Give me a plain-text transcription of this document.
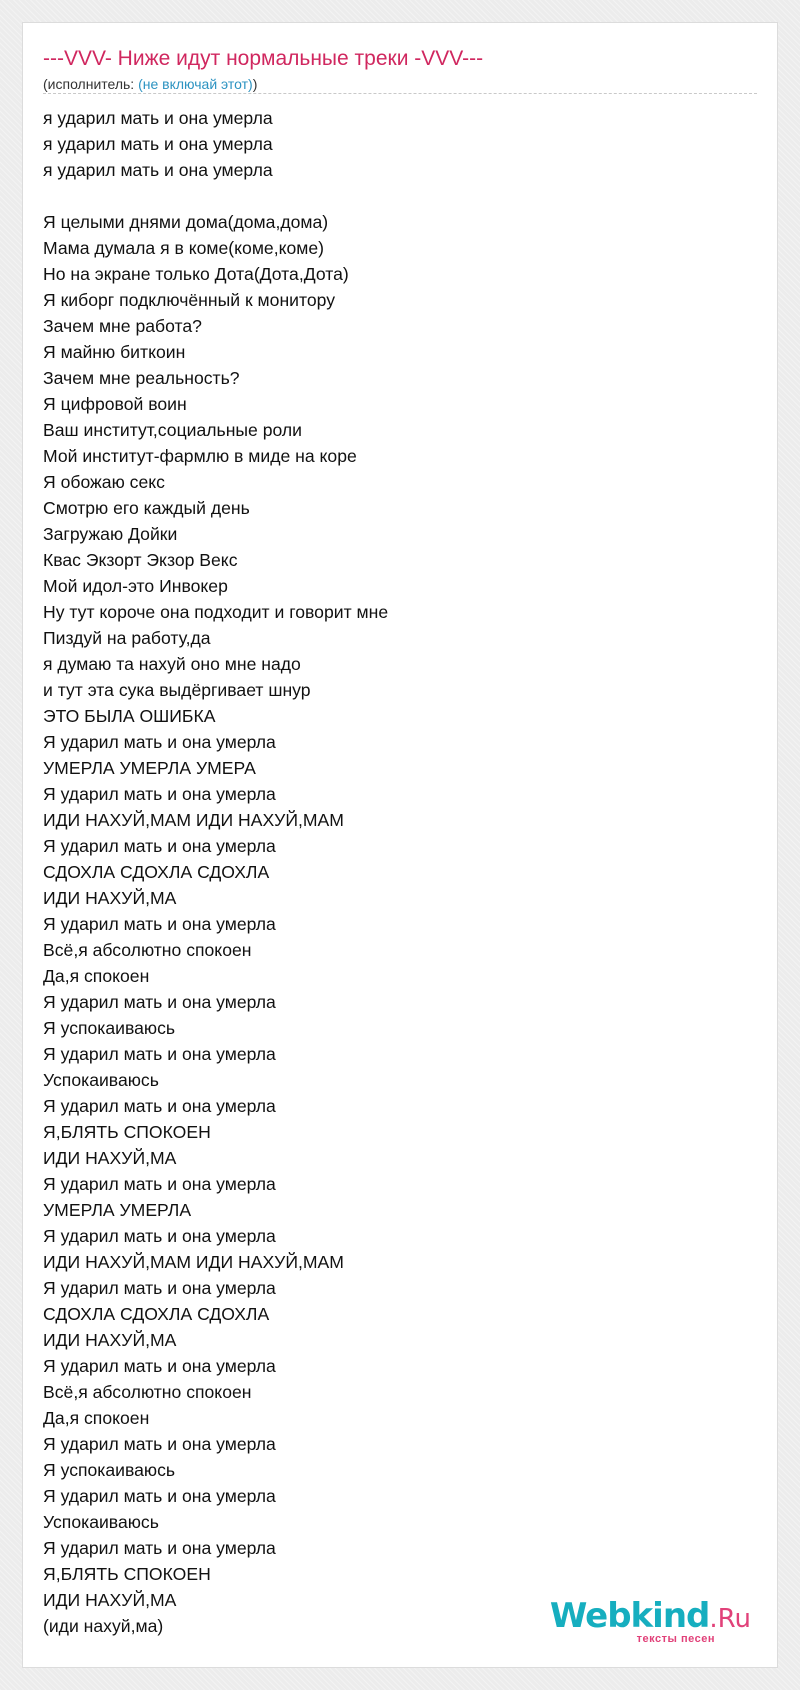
---VVV- Ниже идут нормальные треки -VVV---
(исполнитель: (не включай этот))
я ударил мать и она умерла
я ударил мать и она умерла
я ударил мать и она умерла
Я целыми днями дома(дома,дома)
Мама думала я в коме(коме,коме)
Но на экране только Дота(Дота,Дота)
Я киборг подключённый к монитору
Зачем мне работа?
Я майню биткоин
Зачем мне реальность?
Я цифровой воин
Ваш институт,социальные роли
Мой институт-фармлю в миде на коре
Я обожаю секс
Смотрю его каждый день
Загружаю Дойки
Квас Экзорт Экзор Векс
Мой идол-это Инвокер
Ну тут короче она подходит и говорит мне
Пиздуй на работу,да
я думаю та нахуй оно мне надо
и тут эта сука выдёргивает шнур
ЭТО БЫЛА ОШИБКА
Я ударил мать и она умерла
УМЕРЛА УМЕРЛА УМЕРА
Я ударил мать и она умерла
ИДИ НАХУЙ,МАМ ИДИ НАХУЙ,МАМ
Я ударил мать и она умерла
СДОХЛА СДОХЛА СДОХЛА
ИДИ НАХУЙ,МА
Я ударил мать и она умерла
Всё,я абсолютно спокоен
Да,я спокоен
Я ударил мать и она умерла
Я успокаиваюсь
Я ударил мать и она умерла
Успокаиваюсь
Я ударил мать и она умерла
Я,БЛЯТЬ СПОКОЕН
ИДИ НАХУЙ,МА
Я ударил мать и она умерла
УМЕРЛА УМЕРЛА
Я ударил мать и она умерла
ИДИ НАХУЙ,МАМ ИДИ НАХУЙ,МАМ
Я ударил мать и она умерла
СДОХЛА СДОХЛА СДОХЛА
ИДИ НАХУЙ,МА
Я ударил мать и она умерла
Всё,я абсолютно спокоен
Да,я спокоен
Я ударил мать и она умерла
Я успокаиваюсь
Я ударил мать и она умерла
Успокаиваюсь
Я ударил мать и она умерла
Я,БЛЯТЬ СПОКОЕН
ИДИ НАХУЙ,МА
(иди нахуй,ма)	Webkind.Ru
тексты песен
